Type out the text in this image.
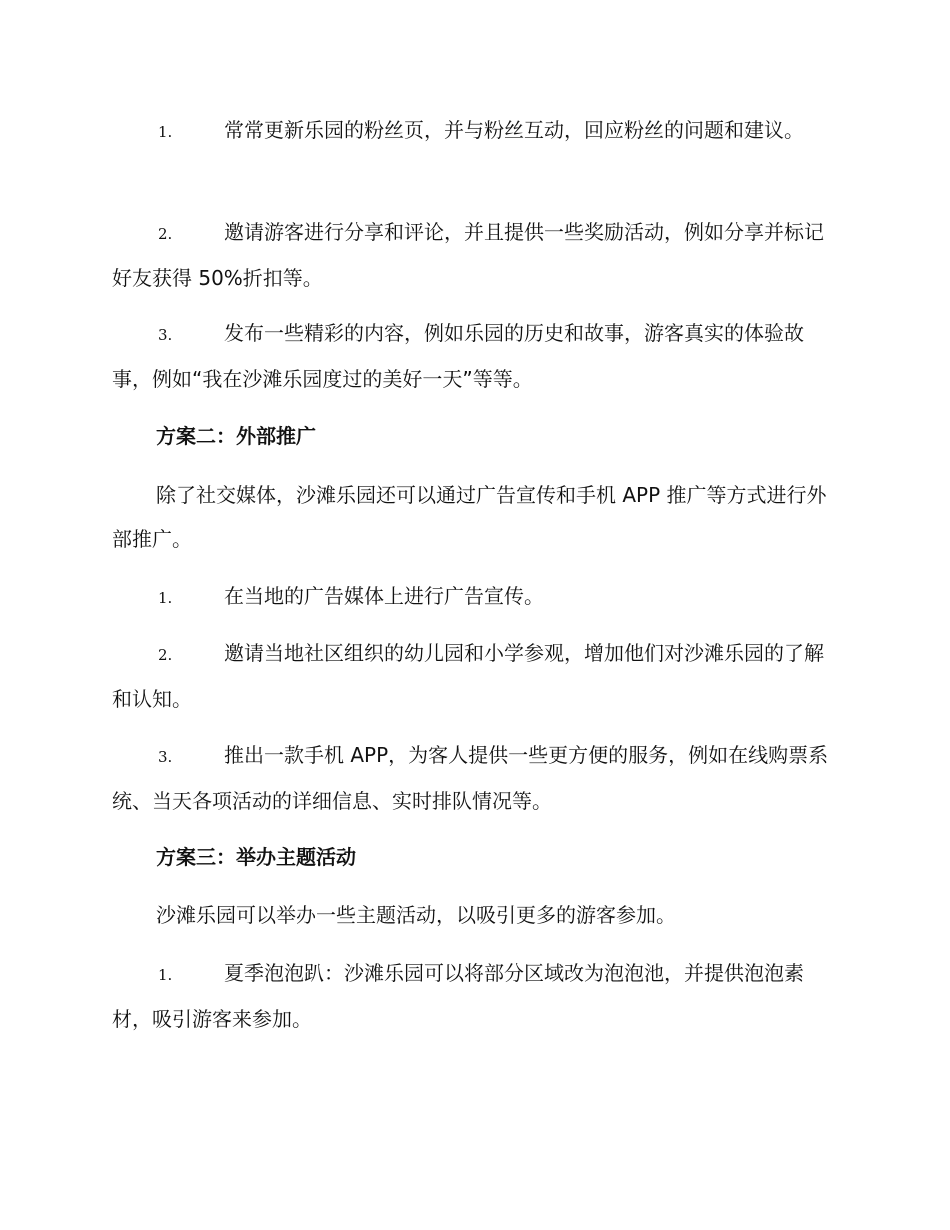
1.	常常更新乐园的粉丝页，并与粉丝互动，回应粉丝的问题和建议。

2.	邀请游客进行分享和评论，并且提供一些奖励活动，例如分享并标记好友获得 50%折扣等。

3.	发布一些精彩的内容，例如乐园的历史和故事，游客真实的体验故事，例如“我在沙滩乐园度过的美好一天”等等。

方案二：外部推广

除了社交媒体，沙滩乐园还可以通过广告宣传和手机 APP 推广等方式进行外部推广。

1.	在当地的广告媒体上进行广告宣传。

2.	邀请当地社区组织的幼儿园和小学参观，增加他们对沙滩乐园的了解和认知。

3.	推出一款手机 APP，为客人提供一些更方便的服务，例如在线购票系统、当天各项活动的详细信息、实时排队情况等。

方案三：举办主题活动

沙滩乐园可以举办一些主题活动，以吸引更多的游客参加。

1.	夏季泡泡趴：沙滩乐园可以将部分区域改为泡泡池，并提供泡泡素材，吸引游客来参加。
